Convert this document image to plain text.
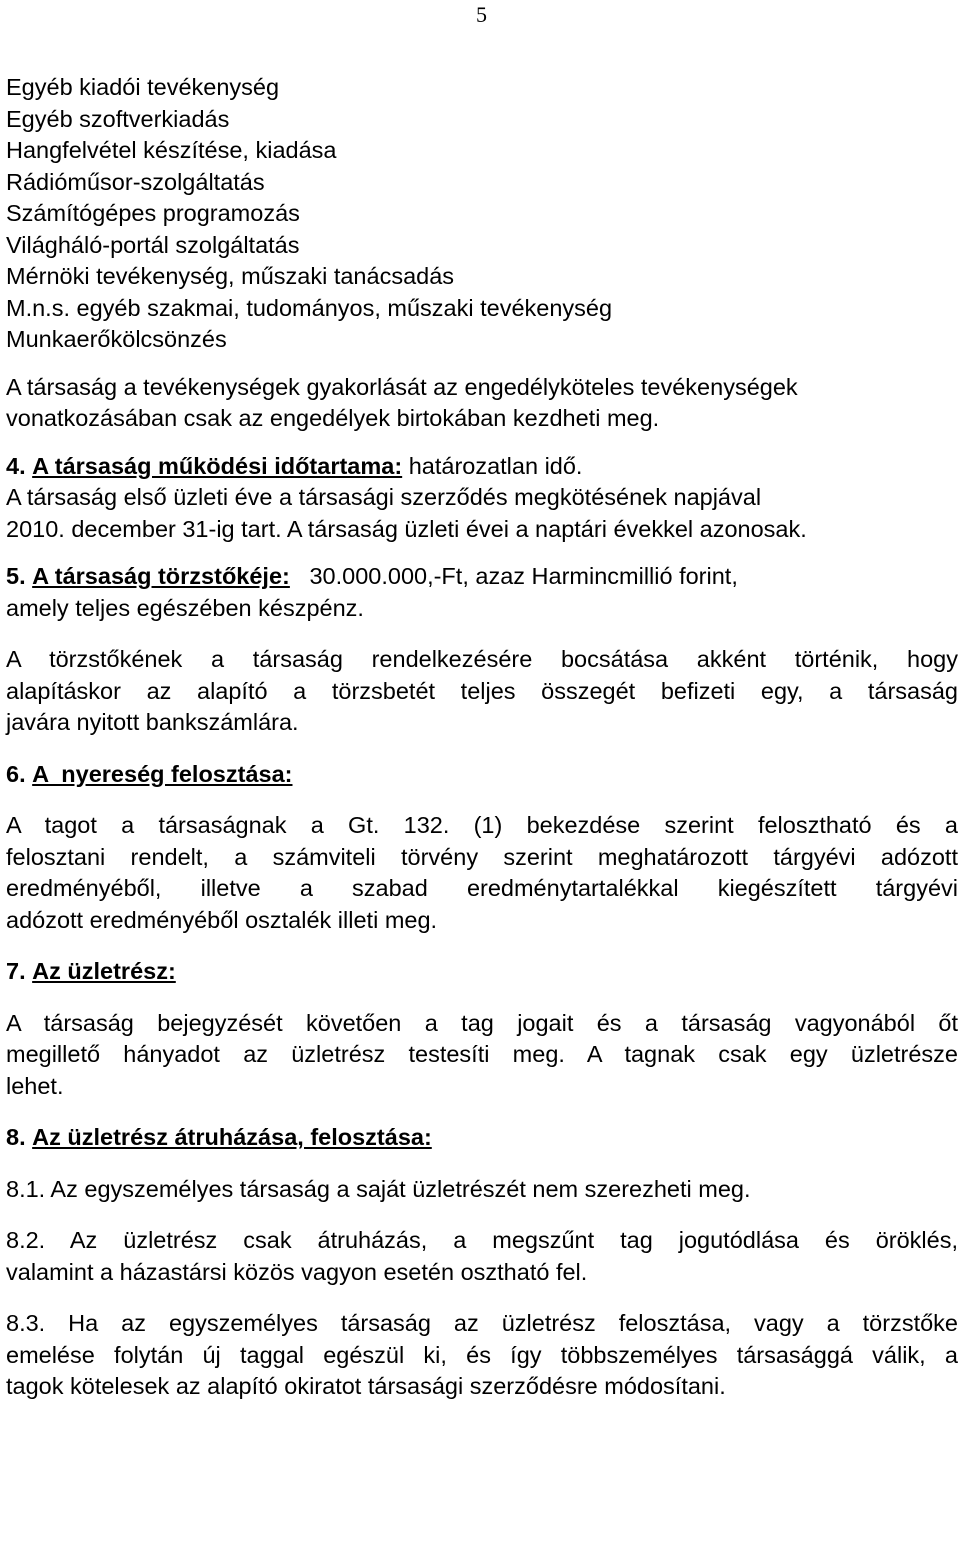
5
Egyéb kiadói tevékenység
Egyéb szoftverkiadás
Hangfelvétel készítése, kiadása
Rádióműsor-szolgáltatás
Számítógépes programozás
Világháló-portál szolgáltatás
Mérnöki tevékenység, műszaki tanácsadás
M.n.s. egyéb szakmai, tudományos, műszaki tevékenység
Munkaerőkölcsönzés
A társaság a tevékenységek gyakorlását az engedélyköteles tevékenységek
vonatkozásában csak az engedélyek birtokában kezdheti meg.
4. A társaság működési időtartama: határozatlan idő.
A társaság első üzleti éve a társasági szerződés megkötésének napjával
2010. december 31-ig tart. A társaság üzleti évei a naptári évekkel azonosak.
5. A társaság törzstőkéje:   30.000.000,-Ft, azaz Harmincmillió forint,
amely teljes egészében készpénz.
A törzstőkének a társaság rendelkezésére bocsátása akként történik, hogy
alapításkor az alapító a törzsbetét teljes összegét befizeti egy, a társaság
javára nyitott bankszámlára.
6. A  nyereség felosztása:
A tagot a társaságnak a Gt. 132. (1) bekezdése szerint felosztható és a
felosztani rendelt, a számviteli törvény szerint meghatározott tárgyévi adózott
eredményéből, illetve a szabad eredménytartalékkal kiegészített tárgyévi
adózott eredményéből osztalék illeti meg.
7. Az üzletrész:
A társaság bejegyzését követően a tag jogait és a társaság vagyonából őt
megillető hányadot az üzletrész testesíti meg. A tagnak csak egy üzletrésze
lehet.
8. Az üzletrész átruházása, felosztása:
8.1. Az egyszemélyes társaság a saját üzletrészét nem szerezheti meg.
8.2. Az üzletrész csak átruházás, a megszűnt tag jogutódlása és öröklés,
valamint a házastársi közös vagyon esetén osztható fel.
8.3. Ha az egyszemélyes társaság az üzletrész felosztása, vagy a törzstőke
emelése folytán új taggal egészül ki, és így többszemélyes társasággá válik, a
tagok kötelesek az alapító okiratot társasági szerződésre módosítani.
